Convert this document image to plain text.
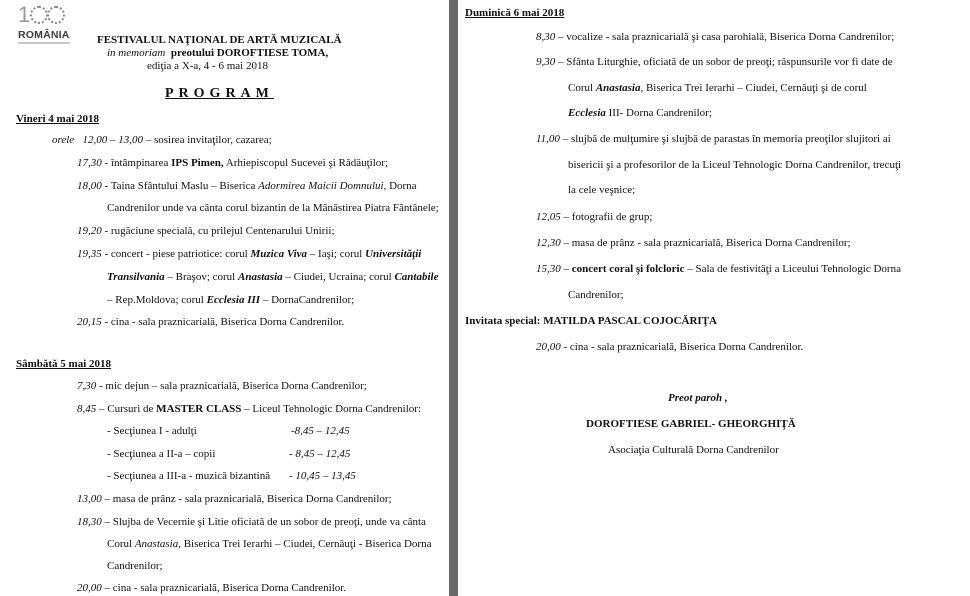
1
ROMÂNIA FESTIVALUL NAŢIONAL DE ARTĂ MUZICALĂ
in memoriam preotului DOROFTIESE TOMA,
ediţia a X-a, 4 - 6 mai 2018
PROGRAM
Vineri 4 mai 2018
orele 12,00 – 13,00 – sosirea invitaţilor, cazarea;
17,30 - întâmpinarea IPS Pimen, Arhiepiscopul Sucevei şi Rădăuţilor;
18,00 - Taina Sfântului Maslu – Biserica Adormirea Maicii Domnului, Dorna
Candrenilor unde va cânta corul bizantin de la Mânăstirea Piatra Fântânele;
19,20 - rugăciune specială, cu prilejul Centenarului Unirii;
19,35 - concert - piese patriotice: corul Muzica Viva – Iaşi; corul Universităţii
Transilvania – Braşov; corul Anastasia – Ciudei, Ucraina; corul Cantabile
– Rep.Moldova; corul Ecclesia III – DornaCandrenilor;
20,15 - cina - sala praznicarială, Biserica Dorna Candrenilor.
Sâmbătă 5 mai 2018
7,30 - mic dejun – sala praznicarială, Biserica Dorna Candrenilor;
8,45 – Cursuri de MASTER CLASS – Liceul Tehnologic Dorna Candrenilor:
- Secţiunea I - adulţi	-8,45 – 12,45
- Secţiunea a II-a – copii	- 8,45 – 12,45
- Secţiunea a III-a - muzică bizantină - 10,45 – 13,45
13,00 – masa de prânz - sala praznicarială, Biserica Dorna Candrenilor;
18,30 – Slujba de Vecernie şi Litie oficiată de un sobor de preoţi, unde va cânta
Corul Anastasia, Biserica Trei Ierarhi – Ciudei, Cernăuţi - Biserica Dorna
Candrenilor;
20,00 – cina - sala praznicarială, Biserica Dorna Candrenilor.
Duminică 6 mai 2018
8,30 – vocalize - sala praznicarială şi casa parohială, Biserica Dorna Candrenilor;
9,30 – Sfânta Liturghie, oficiată de un sobor de preoţi; răspunsurile vor fi date de
Corul Anastasia, Biserica Trei Ierarhi – Ciudei, Cernăuţi şi de corul
Ecclesia III- Dorna Candrenilor;
11,00 – slujbă de mulţumire şi slujbă de parastas în memoria preoţilor slujitori ai
bisericii şi a profesorilor de la Liceul Tehnologic Dorna Candrenilor, trecuţi
la cele veşnice;
12,05 – fotografii de grup;
12,30 – masa de prânz - sala praznicarială, Biserica Dorna Candrenilor;
15,30 – concert coral şi folcloric – Sala de festivităţi a Liceului Tehnologic Dorna
Candrenilor;
Invitata special: MATILDA PASCAL COJOCĂRIŢA
20,00 - cina - sala praznicarială, Biserica Dorna Candrenilor.
Preot paroh ,
DOROFTIESE GABRIEL- GHEORGHIŢĂ
Asociaţia Culturală Dorna Candrenilor
